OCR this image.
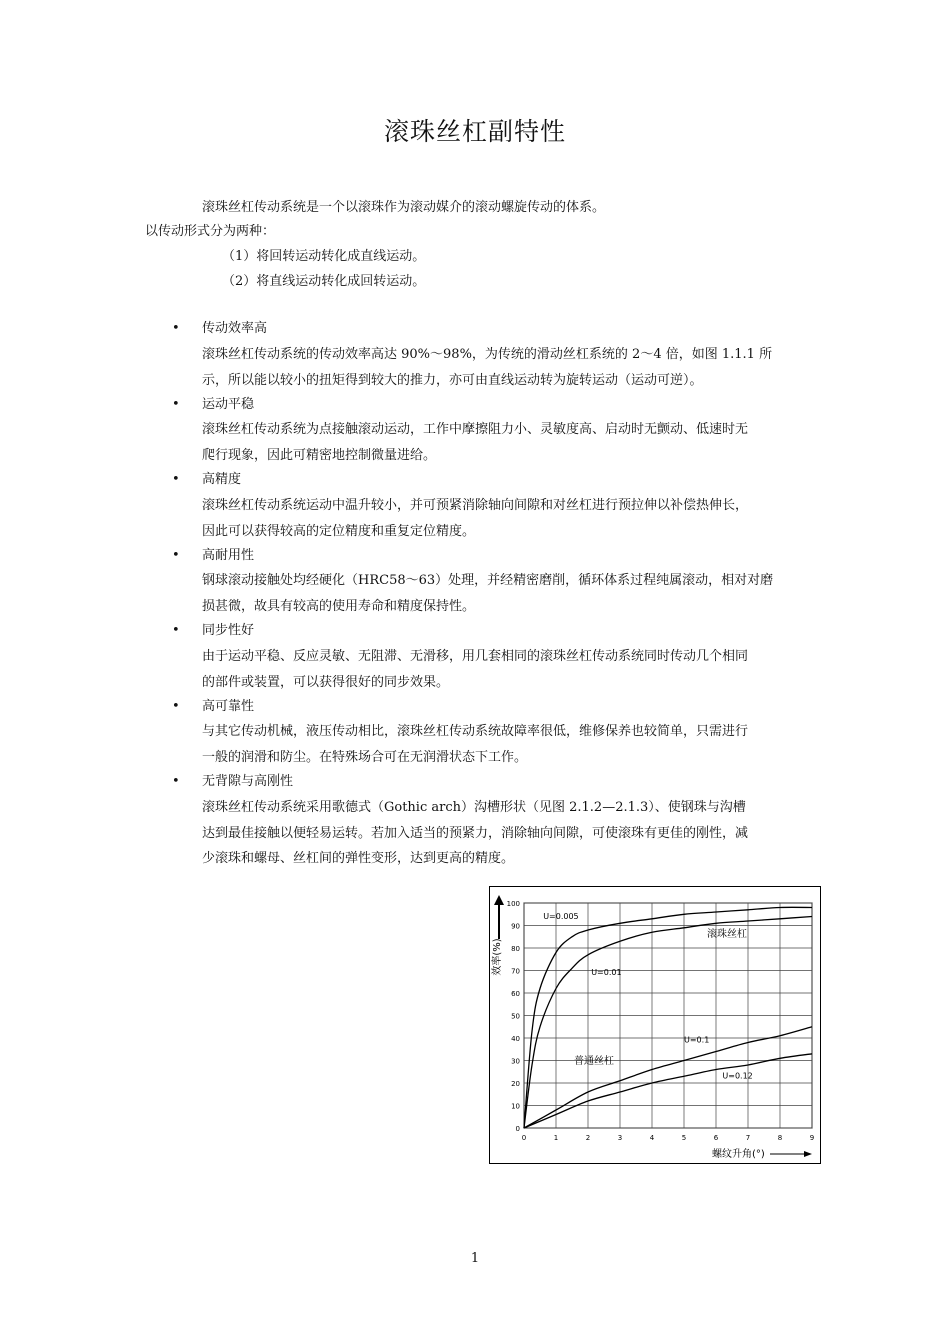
滚珠丝杠副特性
滚珠丝杠传动系统是一个以滚珠作为滚动媒介的滚动螺旋传动的体系。
以传动形式分为两种：
（1）将回转运动转化成直线运动。
（2）将直线运动转化成回转运动。
• 传动效率高
滚珠丝杠传动系统的传动效率高达 90%～98%，为传统的滑动丝杠系统的 2～4 倍，如图 1.1.1 所
示，所以能以较小的扭矩得到较大的推力，亦可由直线运动转为旋转运动（运动可逆）。
• 运动平稳
滚珠丝杠传动系统为点接触滚动运动，工作中摩擦阻力小、灵敏度高、启动时无颤动、低速时无
爬行现象，因此可精密地控制微量进给。
• 高精度
滚珠丝杠传动系统运动中温升较小，并可预紧消除轴向间隙和对丝杠进行预拉伸以补偿热伸长，
因此可以获得较高的定位精度和重复定位精度。
• 高耐用性
钢球滚动接触处均经硬化（HRC58～63）处理，并经精密磨削，循环体系过程纯属滚动，相对对磨
损甚微，故具有较高的使用寿命和精度保持性。
• 同步性好
由于运动平稳、反应灵敏、无阻滞、无滑移，用几套相同的滚珠丝杠传动系统同时传动几个相同
的部件或装置，可以获得很好的同步效果。
• 高可靠性
与其它传动机械，液压传动相比，滚珠丝杠传动系统故障率很低，维修保养也较简单，只需进行
一般的润滑和防尘。在特殊场合可在无润滑状态下工作。
• 无背隙与高刚性
滚珠丝杠传动系统采用歌德式（Gothic arch）沟槽形状（见图 2.1.2—2.1.3）、使钢珠与沟槽
达到最佳接触以便轻易运转。若加入适当的预紧力，消除轴向间隙，可使滚珠有更佳的刚性，减
少滚珠和螺母、丝杠间的弹性变形，达到更高的精度。
0
10
20
30
40
50
60
70
80
90
100
0	1	2	3	4	5	6	7	8	9
U=0.005
U=0.01
U=0.1
U=0.12
效率(%)
螺纹升角(°)
滚珠丝杠
普通丝杠
1
